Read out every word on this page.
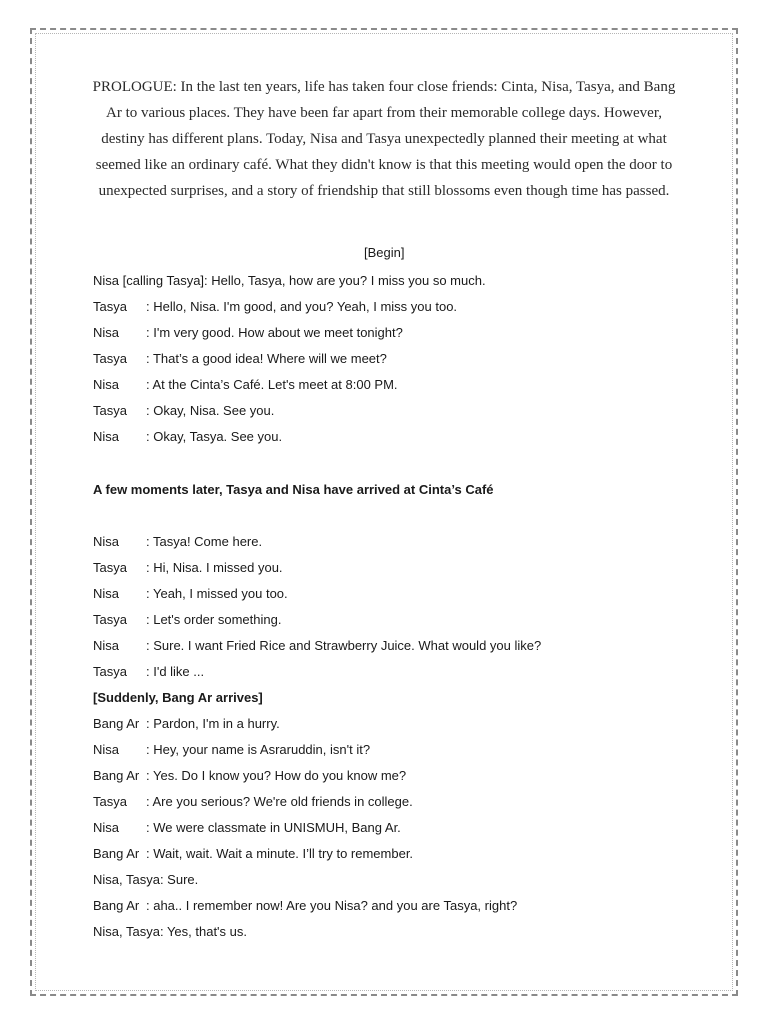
PROLOGUE: In the last ten years, life has taken four close friends: Cinta, Nisa, Tasya, and Bang Ar to various places. They have been far apart from their memorable college days. However, destiny has different plans. Today, Nisa and Tasya unexpectedly planned their meeting at what seemed like an ordinary café. What they didn't know is that this meeting would open the door to unexpected surprises, and a story of friendship that still blossoms even though time has passed.

[Begin]
Nisa [calling Tasya]: Hello, Tasya, how are you? I miss you so much.
Tasya : Hello, Nisa. I'm good, and you? Yeah, I miss you too.
Nisa : I'm very good. How about we meet tonight?
Tasya : That’s a good idea! Where will we meet?
Nisa : At the Cinta’s Café. Let's meet at 8:00 PM.
Tasya : Okay, Nisa. See you.
Nisa : Okay, Tasya. See you.
A few moments later, Tasya and Nisa have arrived at Cinta’s Café
Nisa : Tasya! Come here.
Tasya : Hi, Nisa. I missed you.
Nisa : Yeah, I missed you too.
Tasya : Let's order something.
Nisa : Sure. I want Fried Rice and Strawberry Juice. What would you like?
Tasya : I'd like ...
[Suddenly, Bang Ar arrives]
Bang Ar : Pardon, I'm in a hurry.
Nisa : Hey, your name is Asraruddin, isn't it?
Bang Ar : Yes. Do I know you? How do you know me?
Tasya : Are you serious? We're old friends in college.
Nisa : We were classmate in UNISMUH, Bang Ar.
Bang Ar : Wait, wait. Wait a minute. I’ll try to remember.
Nisa, Tasya: Sure.
Bang Ar : aha.. I remember now! Are you Nisa? and you are Tasya, right?
Nisa, Tasya: Yes, that's us.
